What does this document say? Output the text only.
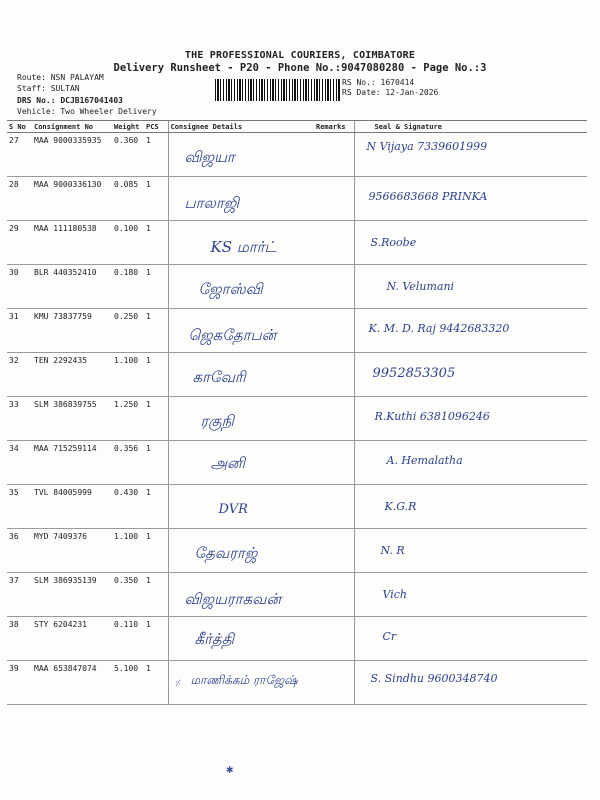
THE PROFESSIONAL COURIERS, COIMBATORE
Delivery Runsheet - P20 - Phone No.:9047080280 - Page No.:3
Route: NSN PALAYAM
Staff: SULTAN
DRS No.: DCJB167041403
Vehicle: Two Wheeler Delivery
RS No.: 1670414
RS Date: 12-Jan-2026
S No	Consignment No	Weight	PCS	Consignee Details	Remarks	Seal & Signature
27	MAA 9000335935	0.360	1	விஜயா		N Vijaya 7339601999

28	MAA 9000336130	0.085	1	பாலாஜி		9566683668 PRINKA

29	MAA 111180538	0.100	1	KS மார்ட்		S.Roobe

30	BLR 440352410	0.180	1	ஜோஸ்வி		N. Velumani

31	KMU 73837759	0.250	1	ஜெகதோபன்		K. M. D. Raj 9442683320

32	TEN 2292435	1.100	1	காவேரி		9952853305

33	SLM 386839755	1.250	1	ரகுநி		R.Kuthi 6381096246

34	MAA 715259114	0.356	1	அனி		A. Hemalatha

35	TVL 84005999	0.430	1	DVR		K.G.R

36	MYD 7409376	1.100	1	தேவராஜ்		N. R

37	SLM 386935139	0.350	1	விஜயராகவன்		Vich

38	STY 6204231	0.110	1	கீர்த்தி		Cr

39	MAA 653847074	5.100	1	மாணிக்கம் ராஜேஷ்		S. Sindhu 9600348740
⸓
✱
